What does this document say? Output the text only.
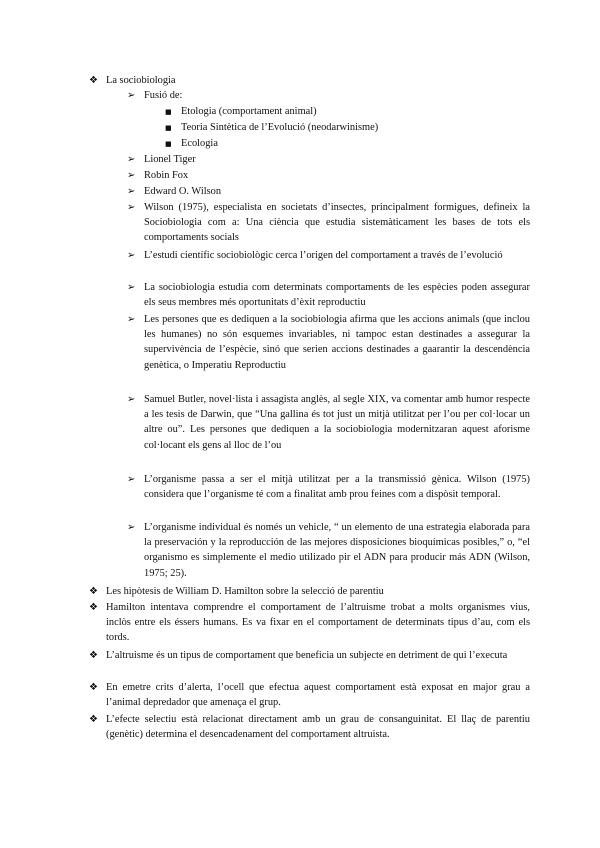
❖ La sociobiologia
➢ Fusió de:
■ Etologia (comportament animal)
■ Teoria Sintètica de l’Evolució (neodarwinisme)
■ Ecologia
➢ Lionel Tiger
➢ Robin Fox
➢ Edward O. Wilson
➢ Wilson (1975), especialista en societats d’insectes, principalment formigues, defineix la Sociobiologia com a: Una ciència que estudia sistemàticament les bases de tots els comportaments socials
➢ L’estudi científic sociobiològic cerca l’origen del comportament a través de l’evolució
➢ La sociobiologia estudia com determinats comportaments de les espècies poden assegurar els seus membres més oportunitats d’èxit reproductiu
➢ Les persones que es dediquen a la sociobiologia afirma que les accions animals (que inclou les humanes) no són esquemes invariables, ni tampoc estan destinades a assegurar la supervivència de l’espècie, sinó que serien accions destinades a gaarantir la descendència genètica, o Imperatiu Reproductiu
➢ Samuel Butler, novel·lista i assagista anglès, al segle XIX, va comentar amb humor respecte a les tesis de Darwin, que “Una gallina és tot just un mitjà utilitzat per l’ou per col·locar un altre ou”. Les persones que dediquen a la sociobiologia modernitzaran aquest aforisme col·locant els gens al lloc de l’ou
➢ L’organisme passa a ser el mitjà utilitzat per a la transmissió gènica. Wilson (1975) considera que l’organisme té com a finalitat amb prou feines com a dispòsit temporal.
➢ L’organisme individual és només un vehicle, “ un elemento de una estrategia elaborada para la preservación y la reproducción de las mejores disposiciones bioquímicas posibles,” o, “el organismo es simplemente el medio utilizado pir el ADN para producir más ADN (Wilson, 1975; 25).
❖ Les hipòtesis de William D. Hamilton sobre la selecció de parentiu
❖ Hamilton intentava comprendre el comportament de l’altruisme trobat a molts organismes vius, inclòs entre els éssers humans. Es va fixar en el comportament de determinats tipus d’au, com els tords.
❖ L’altruisme és un tipus de comportament que beneficia un subjecte en detriment de qui l’executa
❖ En emetre crits d’alerta, l’ocell que efectua aquest comportament està exposat en major grau a l’animal depredador que amenaça el grup.
❖ L’efecte selectiu està relacionat directament amb un grau de consanguinitat. El llaç de parentiu (genètic) determina el desencadenament del comportament altruista.
